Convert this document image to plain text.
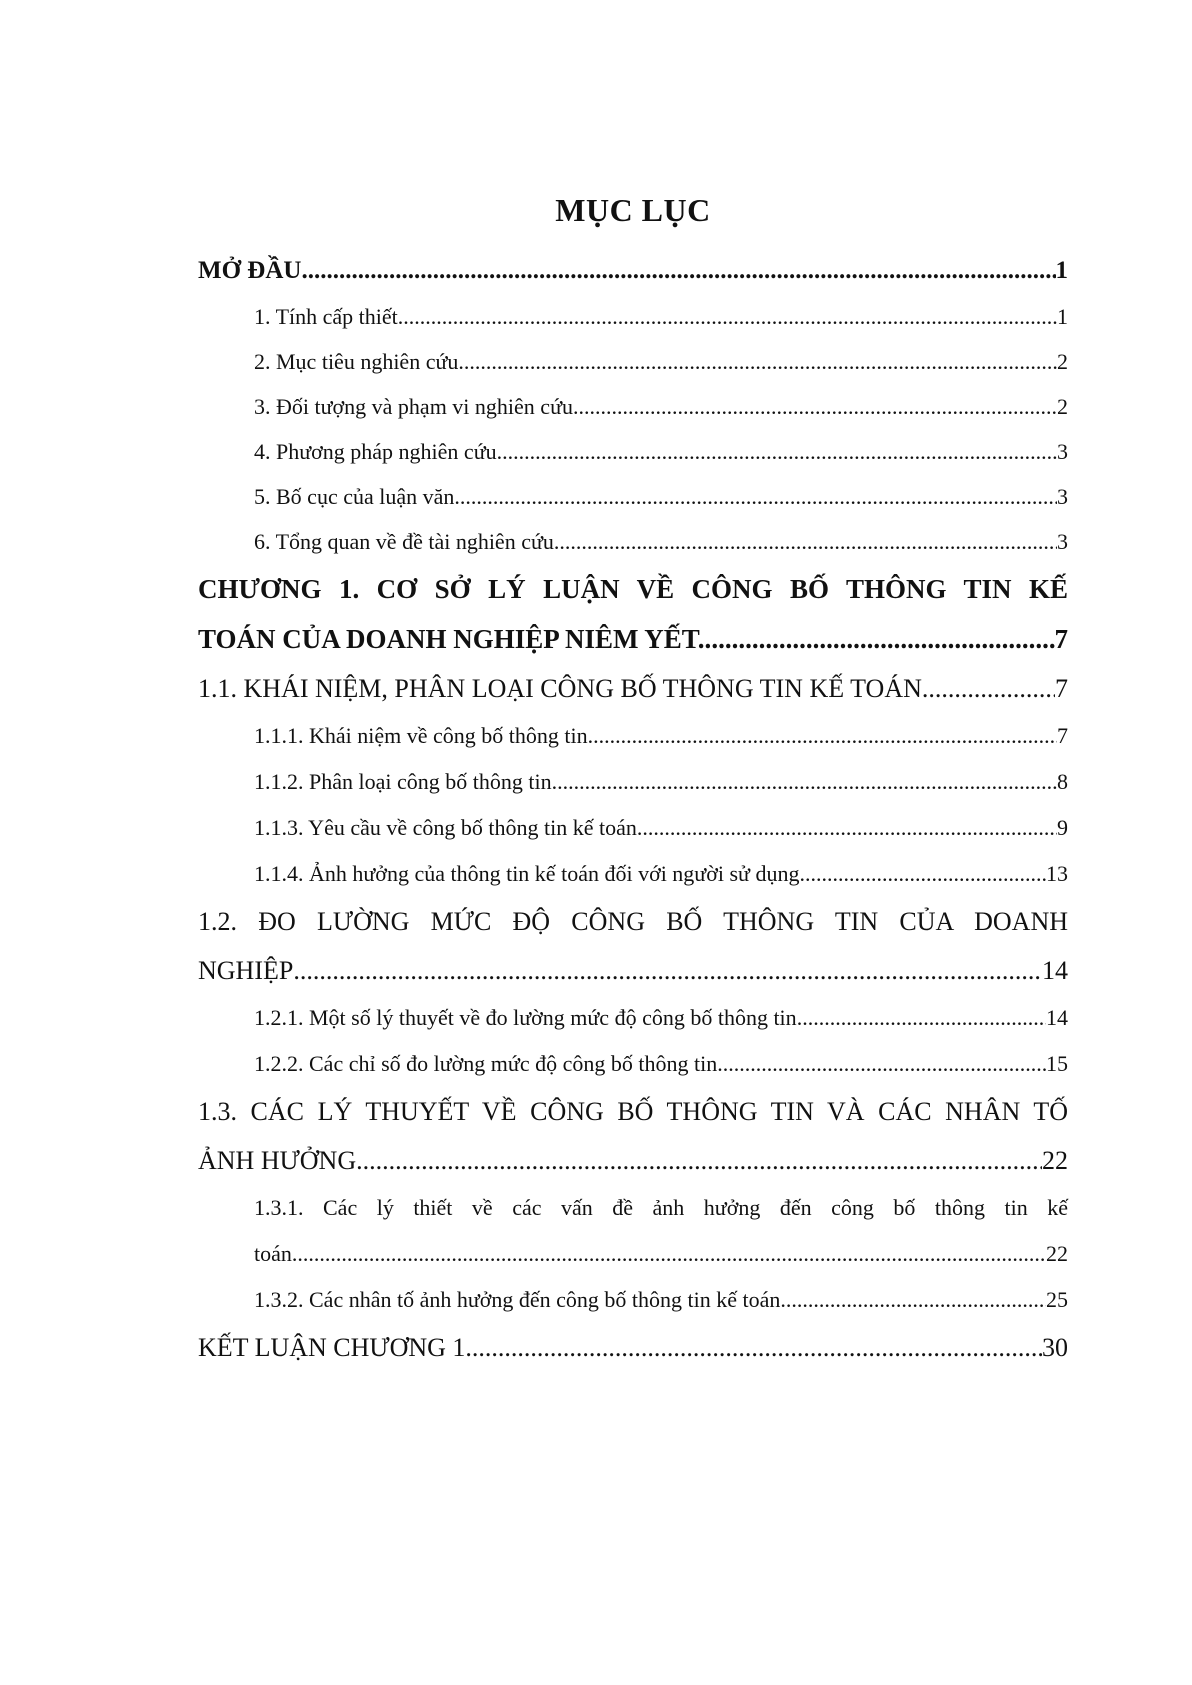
MỤC LỤC
MỞ ĐẦU .....	1
1. Tính cấp thiết .....	1
2. Mục tiêu nghiên cứu .....	2
3. Đối tượng và phạm vi nghiên cứu .....	2
4. Phương pháp nghiên cứu .....	3
5. Bố cục của luận văn .....	3
6. Tổng quan về đề tài nghiên cứu .....	3
CHƯƠNG 1. CƠ SỞ LÝ LUẬN VỀ CÔNG BỐ THÔNG TIN KẾ
TOÁN CỦA DOANH NGHIỆP NIÊM YẾT.. .....	7
1.1. KHÁI NIỆM, PHÂN LOẠI CÔNG BỐ THÔNG TIN KẾ TOÁN .....	7
1.1.1. Khái niệm về công bố thông tin .....	7
1.1.2. Phân loại công bố thông tin .....	8
1.1.3. Yêu cầu về công bố thông tin kế toán .....	9
1.1.4. Ảnh hưởng của thông tin kế toán đối với người sử dụng .....	13
1.2. ĐO LƯỜNG MỨC ĐỘ CÔNG BỐ THÔNG TIN CỦA DOANH
NGHIỆP .....	14
1.2.1. Một số lý thuyết về đo lường mức độ công bố thông tin .....	14
1.2.2. Các chỉ số đo lường mức độ công bố thông tin .....	15
1.3. CÁC LÝ THUYẾT VỀ CÔNG BỐ THÔNG TIN VÀ CÁC NHÂN TỐ
ẢNH HƯỞNG .....	22
1.3.1. Các lý thiết về các vấn đề ảnh hưởng đến công bố thông tin kế
toán .....	22
1.3.2. Các nhân tố ảnh hưởng đến công bố thông tin kế toán .....	25
KẾT LUẬN CHƯƠNG 1 .....	30
